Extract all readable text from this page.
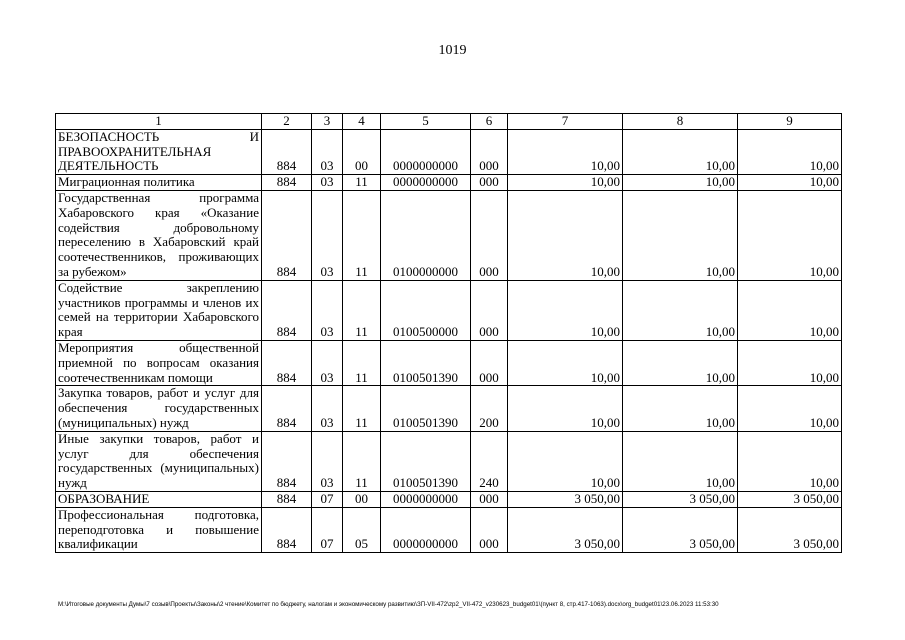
1019
1	2	3	4	5	6	7	8	9
БЕЗОПАСНОСТЬ И ПРАВООХРАНИТЕЛЬНАЯ ДЕЯТЕЛЬНОСТЬ	884	03	00	0000000000	000	10,00	10,00	10,00
Миграционная политика	884	03	11	0000000000	000	10,00	10,00	10,00
Государственная программа Хабаровского края «Оказание содействия добровольному переселению в Хабаровский край соотечественников, проживающих за рубежом»	884	03	11	0100000000	000	10,00	10,00	10,00
Содействие закреплению участников программы и членов их семей на территории Хабаровского края	884	03	11	0100500000	000	10,00	10,00	10,00
Мероприятия общественной приемной по вопросам оказания соотечественникам помощи	884	03	11	0100501390	000	10,00	10,00	10,00
Закупка товаров, работ и услуг для обеспечения государственных (муниципальных) нужд	884	03	11	0100501390	200	10,00	10,00	10,00
Иные закупки товаров, работ и услуг для обеспечения государственных (муниципальных) нужд	884	03	11	0100501390	240	10,00	10,00	10,00
ОБРАЗОВАНИЕ	884	07	00	0000000000	000	3 050,00	3 050,00	3 050,00
Профессиональная подготовка, переподготовка и повышение квалификации	884	07	05	0000000000	000	3 050,00	3 050,00	3 050,00
M:\Итоговые документы Думы\7 созыв\Проекты\Законы\2 чтение\Комитет по бюджету, налогам и экономическому развитию\ЗП-VII-472\zp2_VII-472_v230623_budget01\(пункт 8, стр.417-1063).docx\org_budget01\23.06.2023 11:53:30
